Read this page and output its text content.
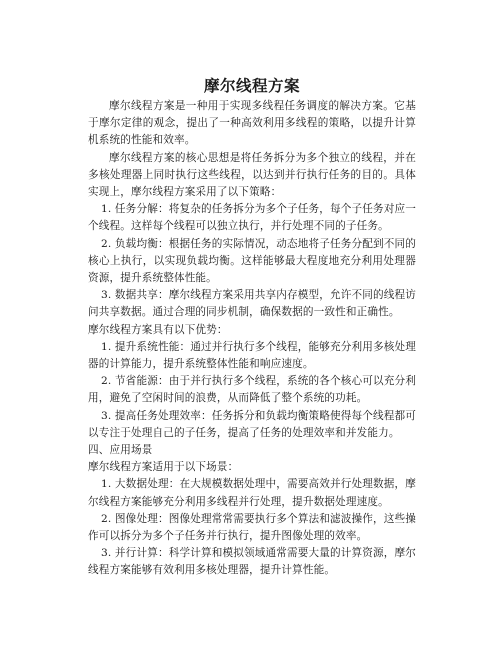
摩尔线程方案

摩尔线程方案是一种用于实现多线程任务调度的解决方案。它基于摩尔定律的观念，提出了一种高效利用多线程的策略，以提升计算机系统的性能和效率。

摩尔线程方案的核心思想是将任务拆分为多个独立的线程，并在多核处理器上同时执行这些线程，以达到并行执行任务的目的。具体实现上，摩尔线程方案采用了以下策略：

1. 任务分解：将复杂的任务拆分为多个子任务，每个子任务对应一个线程。这样每个线程可以独立执行，并行处理不同的子任务。

2. 负载均衡：根据任务的实际情况，动态地将子任务分配到不同的核心上执行，以实现负载均衡。这样能够最大程度地充分利用处理器资源，提升系统整体性能。

3. 数据共享：摩尔线程方案采用共享内存模型，允许不同的线程访问共享数据。通过合理的同步机制，确保数据的一致性和正确性。

摩尔线程方案具有以下优势：

1. 提升系统性能：通过并行执行多个线程，能够充分利用多核处理器的计算能力，提升系统整体性能和响应速度。

2. 节省能源：由于并行执行多个线程，系统的各个核心可以充分利用，避免了空闲时间的浪费，从而降低了整个系统的功耗。

3. 提高任务处理效率：任务拆分和负载均衡策略使得每个线程都可以专注于处理自己的子任务，提高了任务的处理效率和并发能力。

四、应用场景

摩尔线程方案适用于以下场景：

1. 大数据处理：在大规模数据处理中，需要高效并行处理数据，摩尔线程方案能够充分利用多线程并行处理，提升数据处理速度。

2. 图像处理：图像处理常常需要执行多个算法和滤波操作，这些操作可以拆分为多个子任务并行执行，提升图像处理的效率。

3. 并行计算：科学计算和模拟领域通常需要大量的计算资源，摩尔线程方案能够有效利用多核处理器，提升计算性能。
